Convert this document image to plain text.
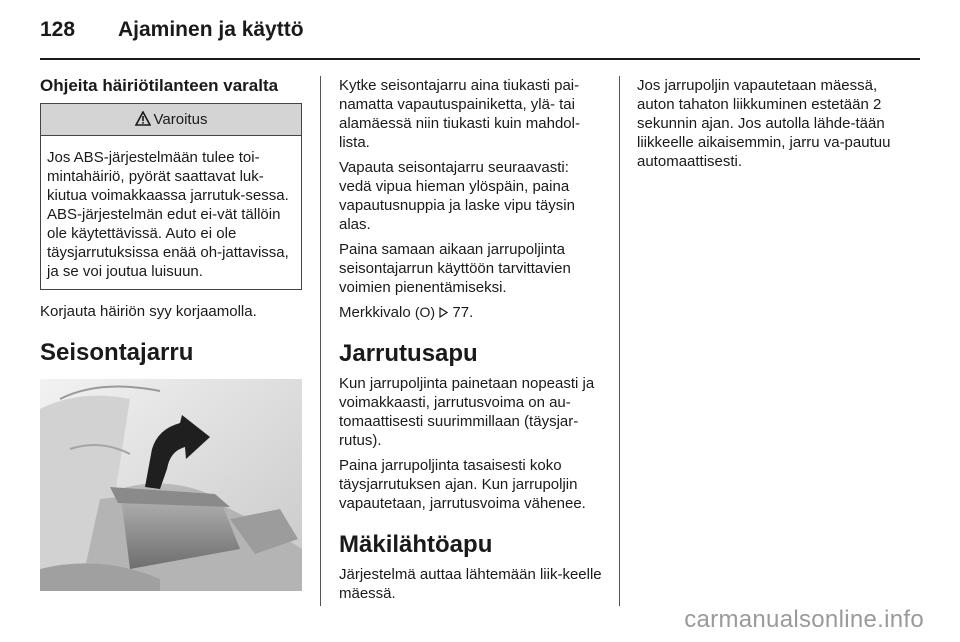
128 Ajaminen ja käyttö
Ohjeita häiriötilanteen varalta
Varoitus
Jos ABS-järjestelmään tulee toi-mintahäiriö, pyörät saattavat luk-kiutua voimakkaassa jarrutuk-sessa. ABS-järjestelmän edut ei-vät tällöin ole käytettävissä. Auto ei ole täysjarrutuksissa enää oh-jattavissa, ja se voi joutua luisuun.

Korjauta häiriön syy korjaamolla.

Seisontajarru

Kytke seisontajarru aina tiukasti pai-namatta vapautuspainiketta, ylä- tai alamäessä niin tiukasti kuin mahdol-lista.

Vapauta seisontajarru seuraavasti: vedä vipua hieman ylöspäin, paina vapautusnuppia ja laske vipu täysin alas.

Paina samaan aikaan jarrupoljinta seisontajarrun käyttöön tarvittavien voimien pienentämiseksi.

Merkkivalo (O) 77.

Jarrutusapu

Kun jarrupoljinta painetaan nopeasti ja voimakkaasti, jarrutusvoima on au-tomaattisesti suurimmillaan (täysjar-rutus).

Paina jarrupoljinta tasaisesti koko täysjarrutuksen ajan. Kun jarrupoljin vapautetaan, jarrutusvoima vähenee.

Mäkilähtöapu

Järjestelmä auttaa lähtemään liik-keelle mäessä.

Jos jarrupoljin vapautetaan mäessä, auton tahaton liikkuminen estetään 2 sekunnin ajan. Jos autolla lähde-tään liikkeelle aikaisemmin, jarru va-pautuu automaattisesti.

carmanualsonline.info
